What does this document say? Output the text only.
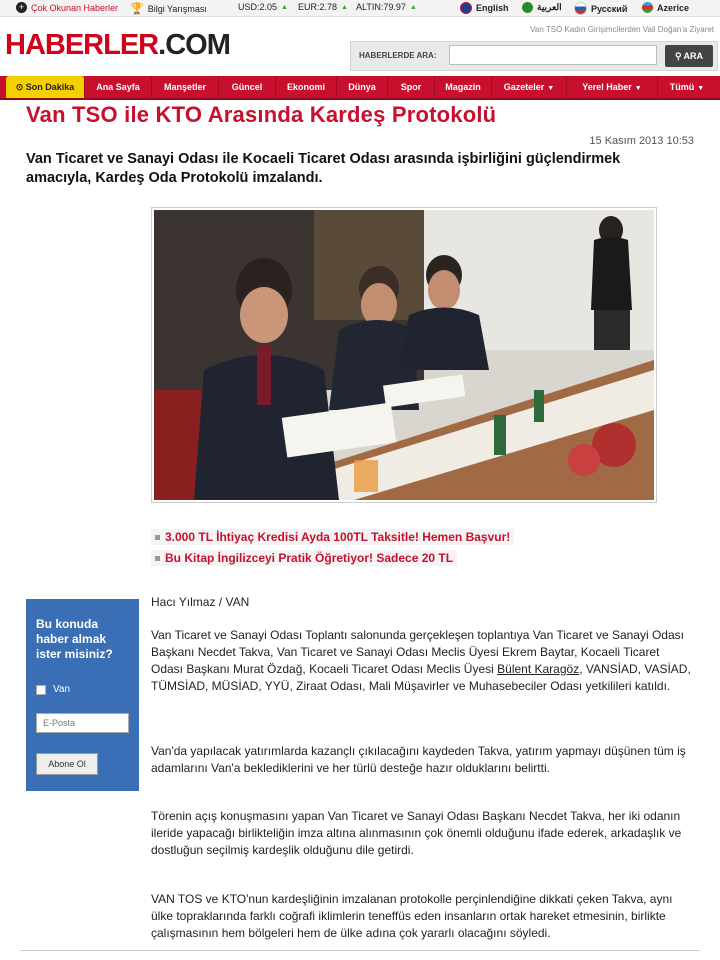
+ Çok Okunan Haberler 🏆 Bilgi Yarışması	USD:2.05 ▲ EUR:2.78 ▲ ALTIN:79.97 ▲	English	العربية	Русский	Azerice
HABERLER.COM	Van TSO Kadın Girişimcilerden Vali Doğan'a Ziyaret
HABERLERDE ARA:	⚲ ARA
⊙ Son Dakika	Ana Sayfa	Manşetler	Güncel	Ekonomi	Dünya	Spor	Magazin	Gazeteler ▼	Yerel Haber ▼	Tümü ▼
Van TSO ile KTO Arasında Kardeş Protokolü
15 Kasım 2013 10:53
Van Ticaret ve Sanayi Odası ile Kocaeli Ticaret Odası arasında işbirliğini güçlendirmek amacıyla, Kardeş Oda Protokolü imzalandı.
3.000 TL İhtiyaç Kredisi Ayda 100TL Taksitle! Hemen Başvur!
Bu Kitap İngilizceyi Pratik Öğretiyor! Sadece 20 TL
Bu konuda haber almak ister misiniz?
Van
E-Posta
Abone Ol
Hacı Yılmaz / VAN
Van Ticaret ve Sanayi Odası Toplantı salonunda gerçekleşen toplantıya Van Ticaret ve Sanayi Odası Başkanı Necdet Takva, Van Ticaret ve Sanayi Odası Meclis Üyesi Ekrem Baytar, Kocaeli Ticaret Odası Başkanı Murat Özdağ, Kocaeli Ticaret Odası Meclis Üyesi Bülent Karagöz, VANSİAD, VASİAD, TÜMSİAD, MÜSİAD, YYÜ, Ziraat Odası, Mali Müşavirler ve Muhasebeciler Odası yetkilileri katıldı.
Van'da yapılacak yatırımlarda kazançlı çıkılacağını kaydeden Takva, yatırım yapmayı düşünen tüm iş adamlarını Van'a beklediklerini ve her türlü desteğe hazır olduklarını belirtti.
Törenin açış konuşmasını yapan Van Ticaret ve Sanayi Odası Başkanı Necdet Takva, her iki odanın ileride yapacağı birlikteliğin imza altına alınmasının çok önemli olduğunu ifade ederek, arkadaşlık ve dostluğun seçilmiş kardeşlik olduğunu dile getirdi.
VAN TOS ve KTO'nun kardeşliğinin imzalanan protokolle perçinlendiğine dikkati çeken Takva, aynı ülke topraklarında farklı coğrafi iklimlerin teneffüs eden insanların ortak hareket etmesinin, birlikte çalışmasının hem bölgeleri hem de ülke adına çok yararlı olacağını söyledi.
